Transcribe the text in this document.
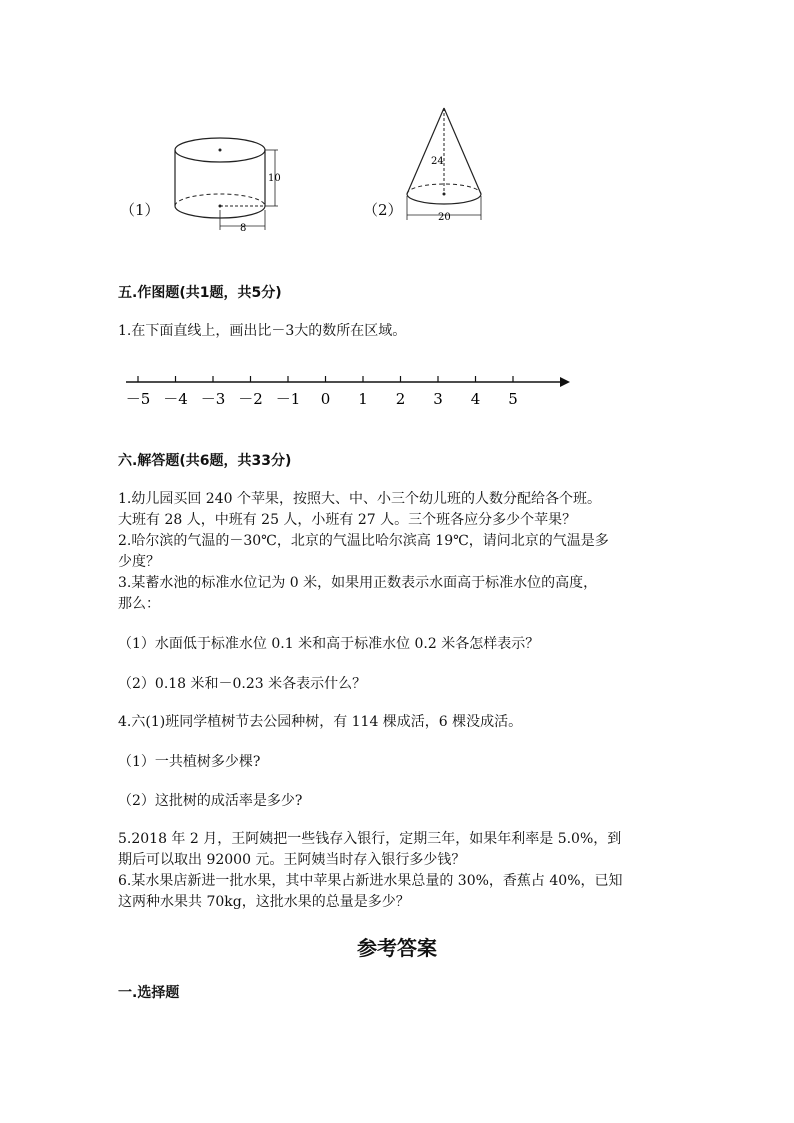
（1）
10
8
（2）
24
20
五.作图题(共1题，共5分)
1.在下面直线上，画出比－3大的数所在区域。
－5 －4 －3 －2 －1 0 1 2 3 4 5
六.解答题(共6题，共33分)
1.幼儿园买回 240 个苹果，按照大、中、小三个幼儿班的人数分配给各个班。
大班有 28 人，中班有 25 人，小班有 27 人。三个班各应分多少个苹果？
2.哈尔滨的气温的－30℃，北京的气温比哈尔滨高 19℃，请问北京的气温是多
少度？
3.某蓄水池的标准水位记为 0 米，如果用正数表示水面高于标准水位的高度，
那么：
（1）水面低于标准水位 0.1 米和高于标准水位 0.2 米各怎样表示？
（2）0.18 米和－0.23 米各表示什么？
4.六(1)班同学植树节去公园种树，有 114 棵成活，6 棵没成活。
（1）一共植树多少棵?
（2）这批树的成活率是多少?
5.2018 年 2 月，王阿姨把一些钱存入银行，定期三年，如果年利率是 5.0%，到
期后可以取出 92000 元。王阿姨当时存入银行多少钱？
6.某水果店新进一批水果，其中苹果占新进水果总量的 30%，香蕉占 40%，已知
这两种水果共 70kg，这批水果的总量是多少？
参考答案
一.选择题
